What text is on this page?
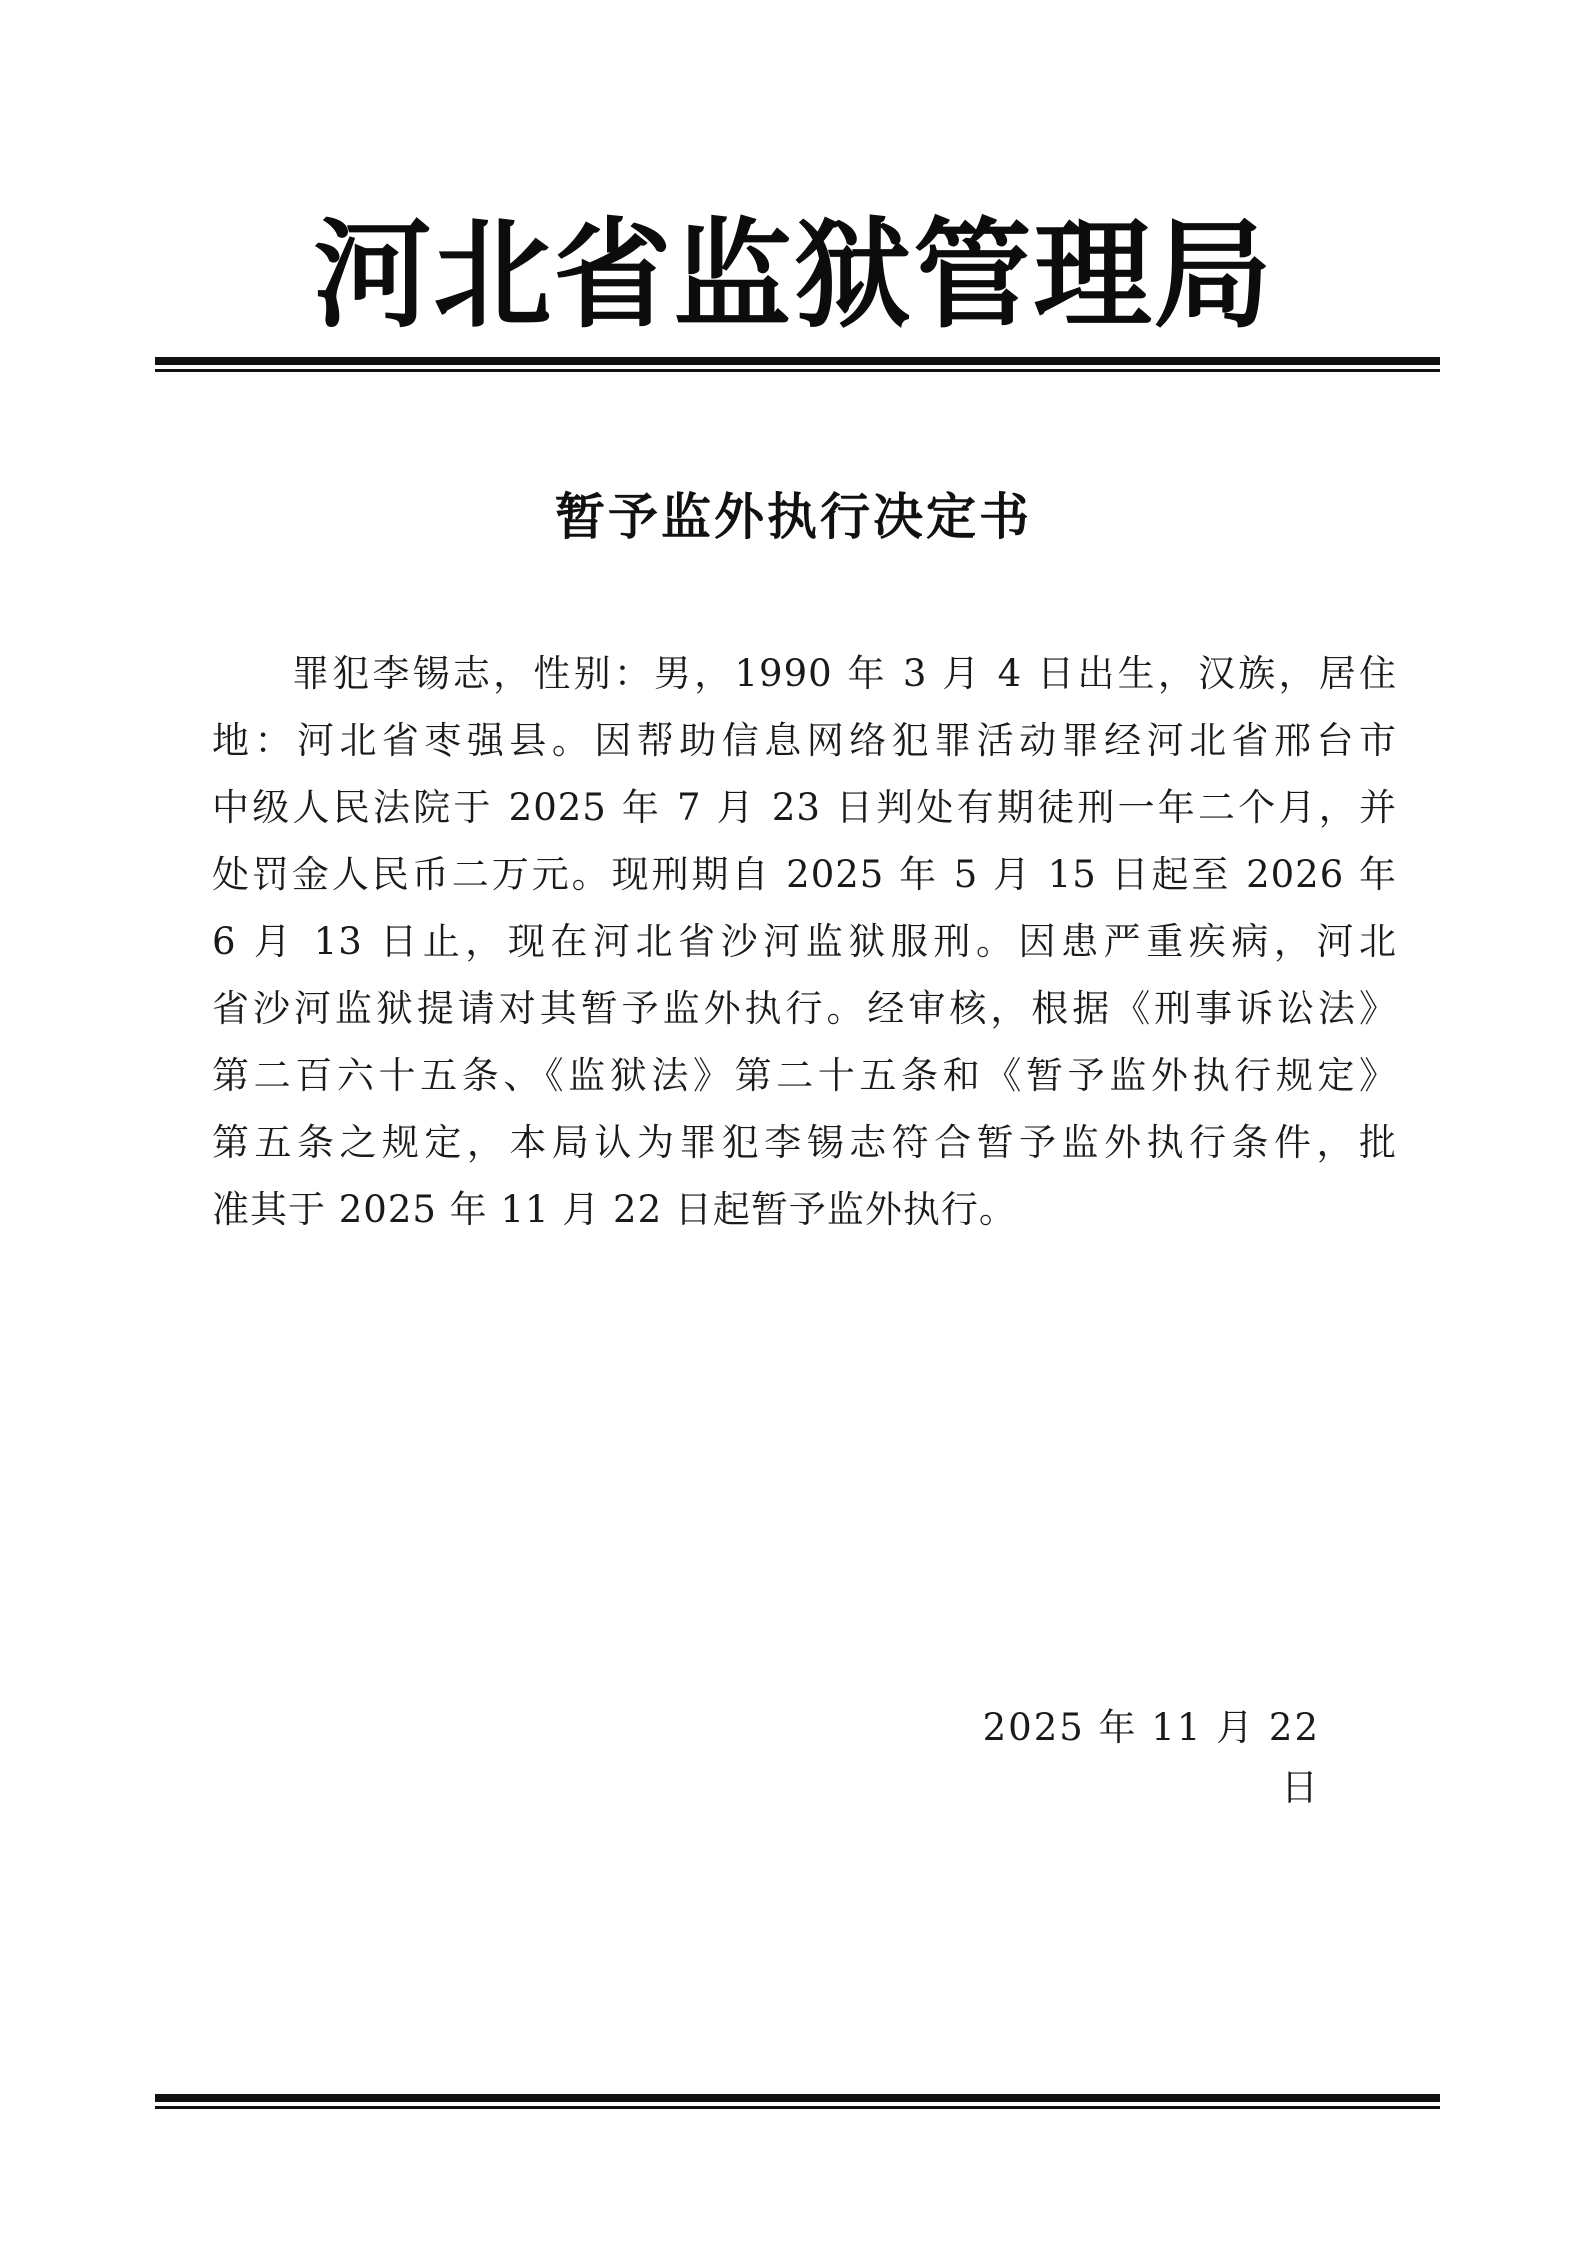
河北省监狱管理局
暂予监外执行决定书
罪犯李锡志，性别：男，1990 年 3 月 4 日出生，汉族，居住
地：河北省枣强县。因帮助信息网络犯罪活动罪经河北省邢台市
中级人民法院于 2025 年 7 月 23 日判处有期徒刑一年二个月，并
处罚金人民币二万元。现刑期自 2025 年 5 月 15 日起至 2026 年
6 月 13 日止，现在河北省沙河监狱服刑。因患严重疾病，河北
省沙河监狱提请对其暂予监外执行。经审核，根据《刑事诉讼法》
第二百六十五条、《监狱法》第二十五条和《暂予监外执行规定》
第五条之规定，本局认为罪犯李锡志符合暂予监外执行条件，批
准其于 2025 年 11 月 22 日起暂予监外执行。
2025 年 11 月 22 日
